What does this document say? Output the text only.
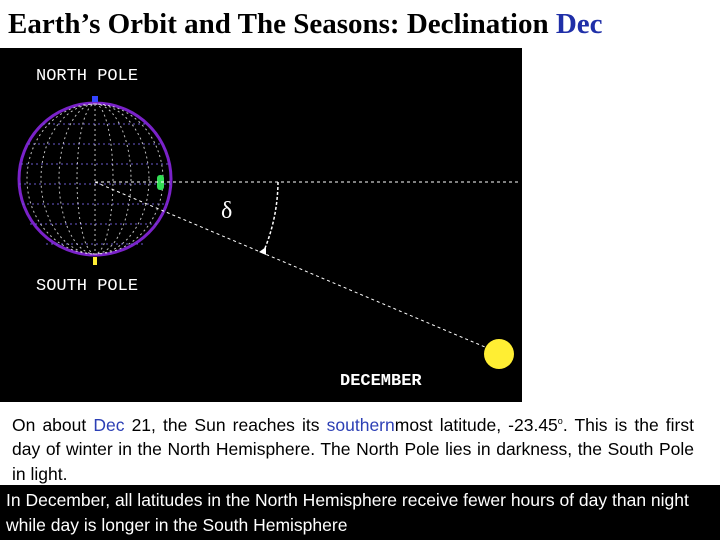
Earth’s Orbit and The Seasons: Declination Dec
NORTH POLE
SOUTH POLE
δ
DECEMBER
On about Dec 21, the Sun reaches its southernmost latitude, -23.45$^o$. This is the first day of winter in the North Hemisphere. The North Pole lies in darkness, the South Pole in light.
In December, all latitudes in the North Hemisphere receive fewer hours of day than night while day is longer in the South Hemisphere
